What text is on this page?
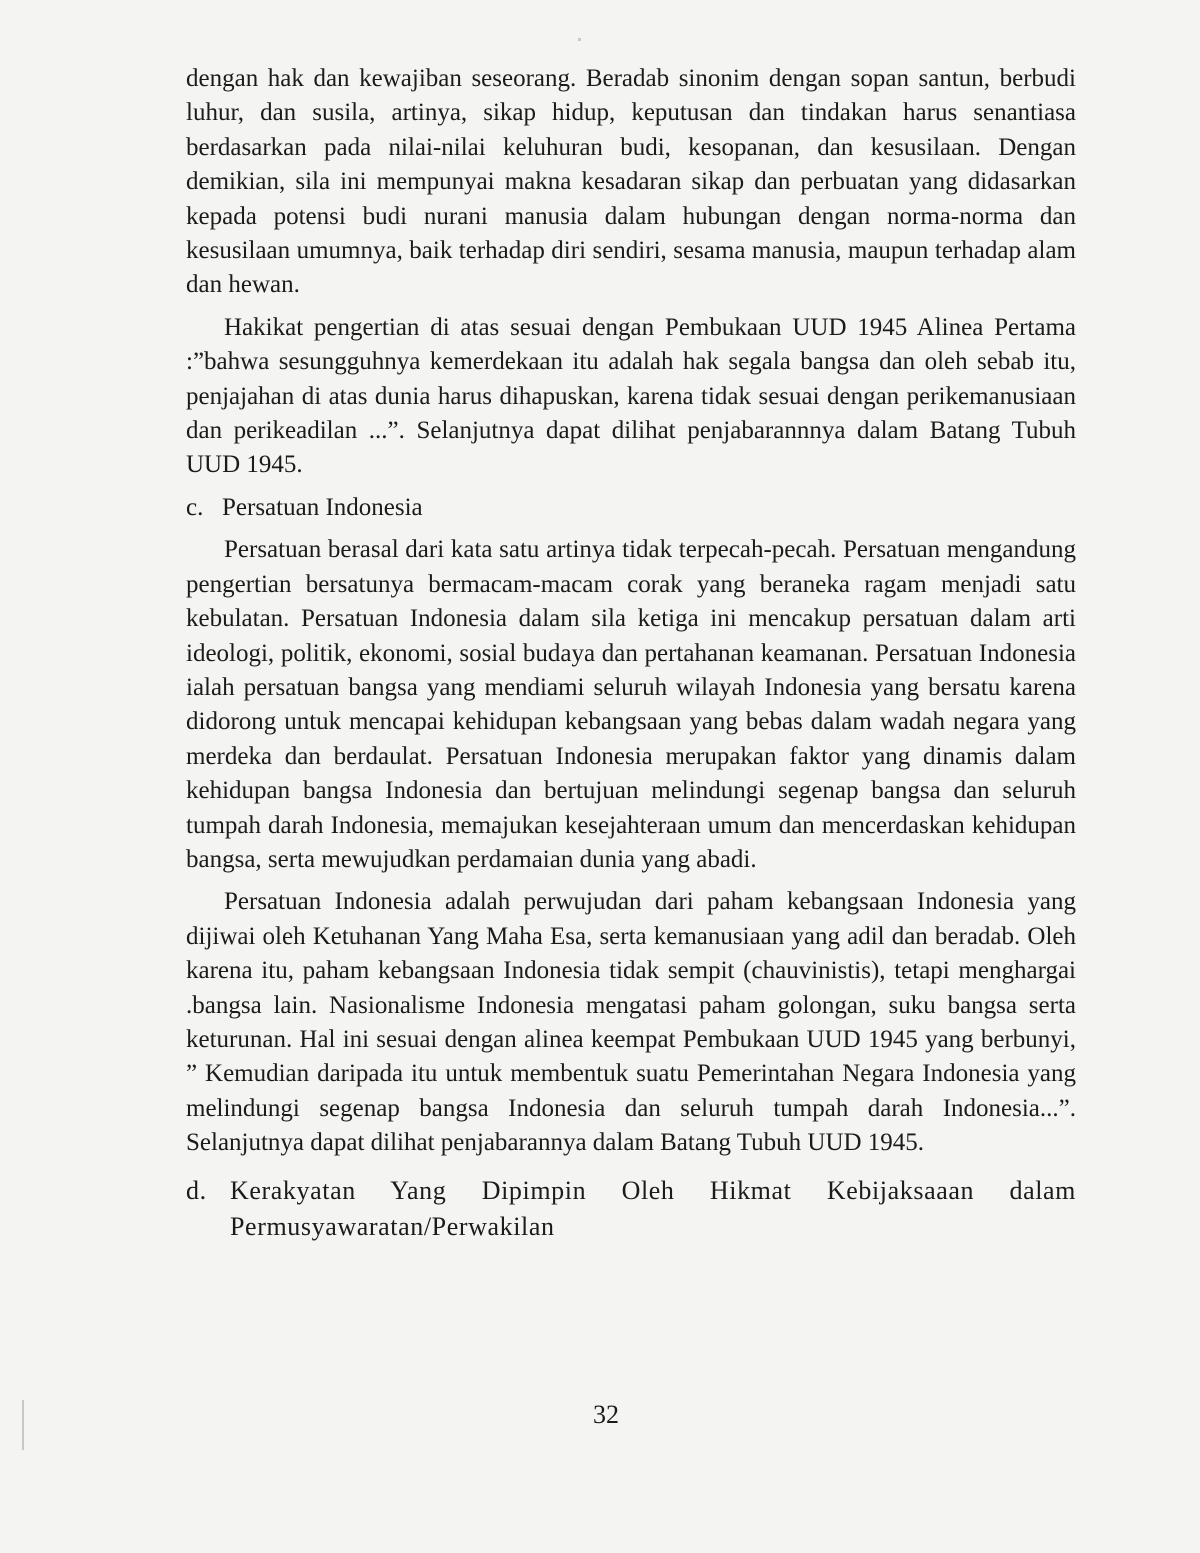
dengan hak dan kewajiban seseorang. Beradab sinonim dengan sopan santun, berbudi luhur, dan susila, artinya, sikap hidup, keputusan dan tindakan harus senantiasa berdasarkan pada nilai-nilai keluhuran budi, kesopanan, dan kesusilaan. Dengan demikian, sila ini mempunyai makna kesadaran sikap dan perbuatan yang didasarkan kepada potensi budi nurani manusia dalam hubungan dengan norma-norma dan kesusilaan umumnya, baik terhadap diri sendiri, sesama manusia, maupun terhadap alam dan hewan.

Hakikat pengertian di atas sesuai dengan Pembukaan UUD 1945 Alinea Pertama :”bahwa sesungguhnya kemerdekaan itu adalah hak segala bangsa dan oleh sebab itu, penjajahan di atas dunia harus dihapuskan, karena tidak sesuai dengan perikemanusiaan dan perikeadilan ...”. Selanjutnya dapat dilihat penjabarannnya dalam Batang Tubuh UUD 1945.

c. Persatuan Indonesia

Persatuan berasal dari kata satu artinya tidak terpecah-pecah. Persatuan mengandung pengertian bersatunya bermacam-macam corak yang beraneka ragam menjadi satu kebulatan. Persatuan Indonesia dalam sila ketiga ini mencakup persatuan dalam arti ideologi, politik, ekonomi, sosial budaya dan pertahanan keamanan. Persatuan Indonesia ialah persatuan bangsa yang mendiami seluruh wilayah Indonesia yang bersatu karena didorong untuk mencapai kehidupan kebangsaan yang bebas dalam wadah negara yang merdeka dan berdaulat. Persatuan Indonesia merupakan faktor yang dinamis dalam kehidupan bangsa Indonesia dan bertujuan melindungi segenap bangsa dan seluruh tumpah darah Indonesia, memajukan kesejahteraan umum dan mencerdaskan kehidupan bangsa, serta mewujudkan perdamaian dunia yang abadi.

Persatuan Indonesia adalah perwujudan dari paham kebangsaan Indonesia yang dijiwai oleh Ketuhanan Yang Maha Esa, serta kemanusiaan yang adil dan beradab. Oleh karena itu, paham kebangsaan Indonesia tidak sempit (chauvinistis), tetapi menghargai .bangsa lain. Nasionalisme Indonesia mengatasi paham golongan, suku bangsa serta keturunan. Hal ini sesuai dengan alinea keempat Pembukaan UUD 1945 yang berbunyi, ” Kemudian daripada itu untuk membentuk suatu Pemerintahan Negara Indonesia yang melindungi segenap bangsa Indonesia dan seluruh tumpah darah Indonesia...”. Selanjutnya dapat dilihat penjabarannya dalam Batang Tubuh UUD 1945.

d. Kerakyatan Yang Dipimpin Oleh Hikmat Kebijaksaaan dalam Permusyawaratan/Perwakilan
32
